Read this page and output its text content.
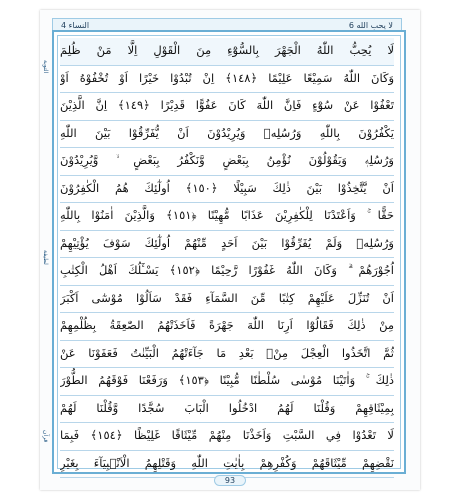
لا يحب الله 6
النساء 4
التوبة
لطيفة
قرآن
لَا يُحِبُّ اللّٰهُ الْجَهْرَ بِالسُّوْٓءِ مِنَ الْقَوْلِ اِلَّا مَنْ ظُلِمَ
وَكَانَ اللّٰهُ سَمِيْعًا عَلِيْمًا ﴿١٤٨﴾ اِنْ تُبْدُوْا خَيْرًا اَوْ تُخْفُوْهُ اَوْ
تَعْفُوْا عَنْ سُوْٓءٍ فَاِنَّ اللّٰهَ كَانَ عَفُوًّا قَدِيْرًا ﴿١٤٩﴾ اِنَّ الَّذِيْنَ
يَكْفُرُوْنَ بِاللّٰهِ وَرُسُلِهٖ وَيُرِيْدُوْنَ اَنْ يُّفَرِّقُوْا بَيْنَ اللّٰهِ
وَرُسُلِهٖ وَيَقُوْلُوْنَ نُؤْمِنُ بِبَعْضٍ وَّنَكْفُرُ بِبَعْضٍ ۙ وَّيُرِيْدُوْنَ
اَنْ يَّتَّخِذُوْا بَيْنَ ذٰلِكَ سَبِيْلًا ﴿١٥٠﴾ اُولٰٓئِكَ هُمُ الْكٰفِرُوْنَ
حَقًّا ۚ وَاَعْتَدْنَا لِلْكٰفِرِيْنَ عَذَابًا مُّهِيْنًا ﴿١٥١﴾ وَالَّذِيْنَ اٰمَنُوْا بِاللّٰهِ
وَرُسُلِهٖ وَلَمْ يُفَرِّقُوْا بَيْنَ اَحَدٍ مِّنْهُمْ اُولٰٓئِكَ سَوْفَ يُؤْتِيْهِمْ
اُجُوْرَهُمْ ۗ وَكَانَ اللّٰهُ غَفُوْرًا رَّحِيْمًا ﴿١٥٢﴾ يَسْـَٔلُكَ اَهْلُ الْكِتٰبِ
اَنْ تُنَزِّلَ عَلَيْهِمْ كِتٰبًا مِّنَ السَّمَآءِ فَقَدْ سَاَلُوْا مُوْسٰٓى اَكْبَرَ
مِنْ ذٰلِكَ فَقَالُوْٓا اَرِنَا اللّٰهَ جَهْرَةً فَاَخَذَتْهُمُ الصّٰعِقَةُ بِظُلْمِهِمْ
ثُمَّ اتَّخَذُوا الْعِجْلَ مِنْۢ بَعْدِ مَا جَآءَتْهُمُ الْبَيِّنٰتُ فَعَفَوْنَا عَنْ
ذٰلِكَ ۚ وَاٰتَيْنَا مُوْسٰى سُلْطٰنًا مُّبِيْنًا ﴿١٥٣﴾ وَرَفَعْنَا فَوْقَهُمُ الطُّوْرَ
بِمِيْثَاقِهِمْ وَقُلْنَا لَهُمُ ادْخُلُوا الْبَابَ سُجَّدًا وَّقُلْنَا لَهُمْ
لَا تَعْدُوْا فِي السَّبْتِ وَاَخَذْنَا مِنْهُمْ مِّيْثَاقًا غَلِيْظًا ﴿١٥٤﴾ فَبِمَا
نَقْضِهِمْ مِّيْثَاقَهُمْ وَكُفْرِهِمْ بِاٰيٰتِ اللّٰهِ وَقَتْلِهِمُ الْاَنْۢبِيَآءَ بِغَيْرِ
93
